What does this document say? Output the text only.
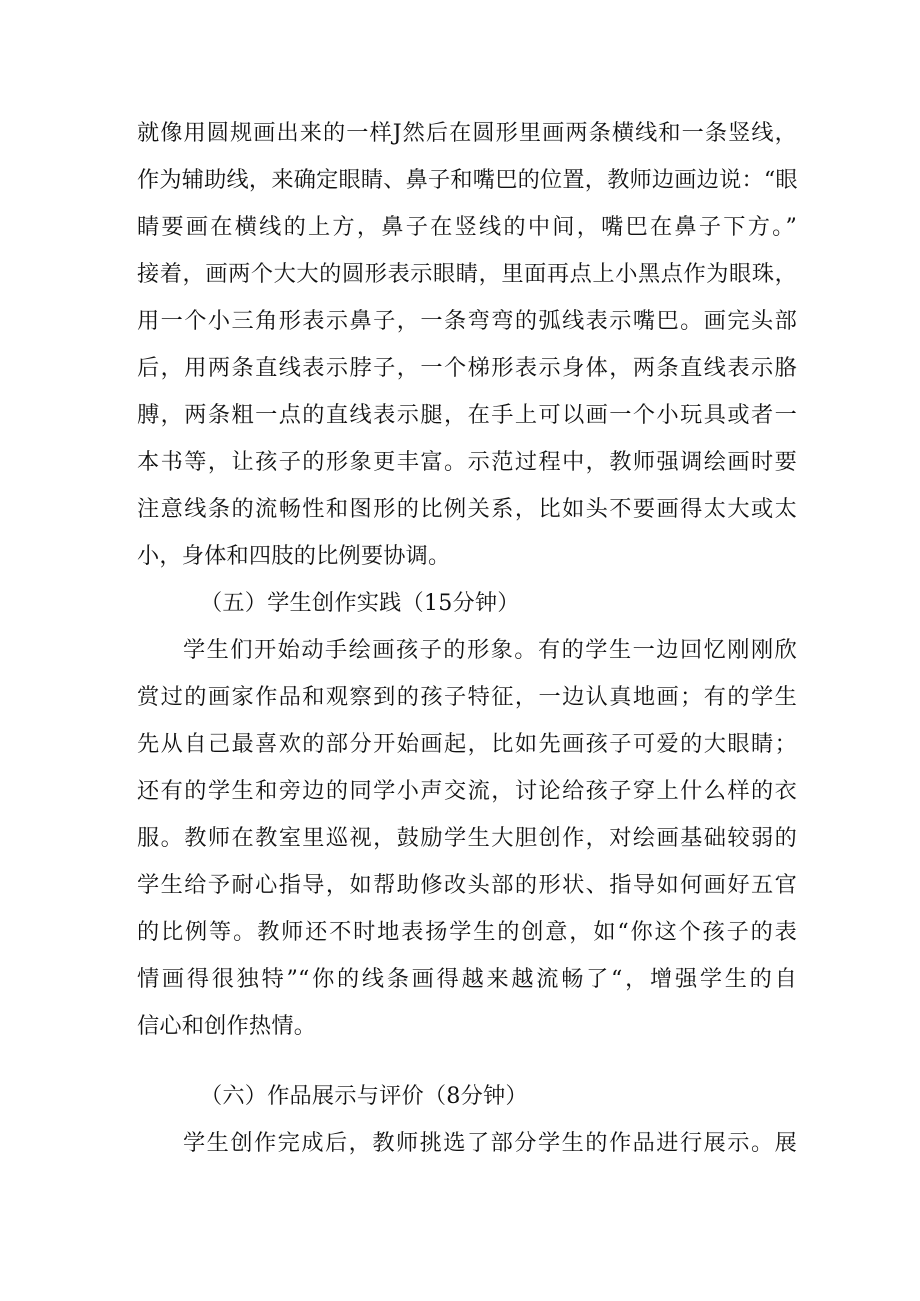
就像用圆规画出来的一样J然后在圆形里画两条横线和一条竖线，
作为辅助线，来确定眼睛、鼻子和嘴巴的位置，教师边画边说：“眼
睛要画在横线的上方，鼻子在竖线的中间，嘴巴在鼻子下方。”
接着，画两个大大的圆形表示眼睛，里面再点上小黑点作为眼珠，
用一个小三角形表示鼻子，一条弯弯的弧线表示嘴巴。画完头部
后，用两条直线表示脖子，一个梯形表示身体，两条直线表示胳
膊，两条粗一点的直线表示腿，在手上可以画一个小玩具或者一
本书等，让孩子的形象更丰富。示范过程中，教师强调绘画时要
注意线条的流畅性和图形的比例关系，比如头不要画得太大或太
小，身体和四肢的比例要协调。
（五）学生创作实践（15分钟）
学生们开始动手绘画孩子的形象。有的学生一边回忆刚刚欣
赏过的画家作品和观察到的孩子特征，一边认真地画；有的学生
先从自己最喜欢的部分开始画起，比如先画孩子可爱的大眼睛；
还有的学生和旁边的同学小声交流，讨论给孩子穿上什么样的衣
服。教师在教室里巡视，鼓励学生大胆创作，对绘画基础较弱的
学生给予耐心指导，如帮助修改头部的形状、指导如何画好五官
的比例等。教师还不时地表扬学生的创意，如“你这个孩子的表
情画得很独特”“你的线条画得越来越流畅了“，增强学生的自
信心和创作热情。
（六）作品展示与评价（8分钟）
学生创作完成后，教师挑选了部分学生的作品进行展示。展
